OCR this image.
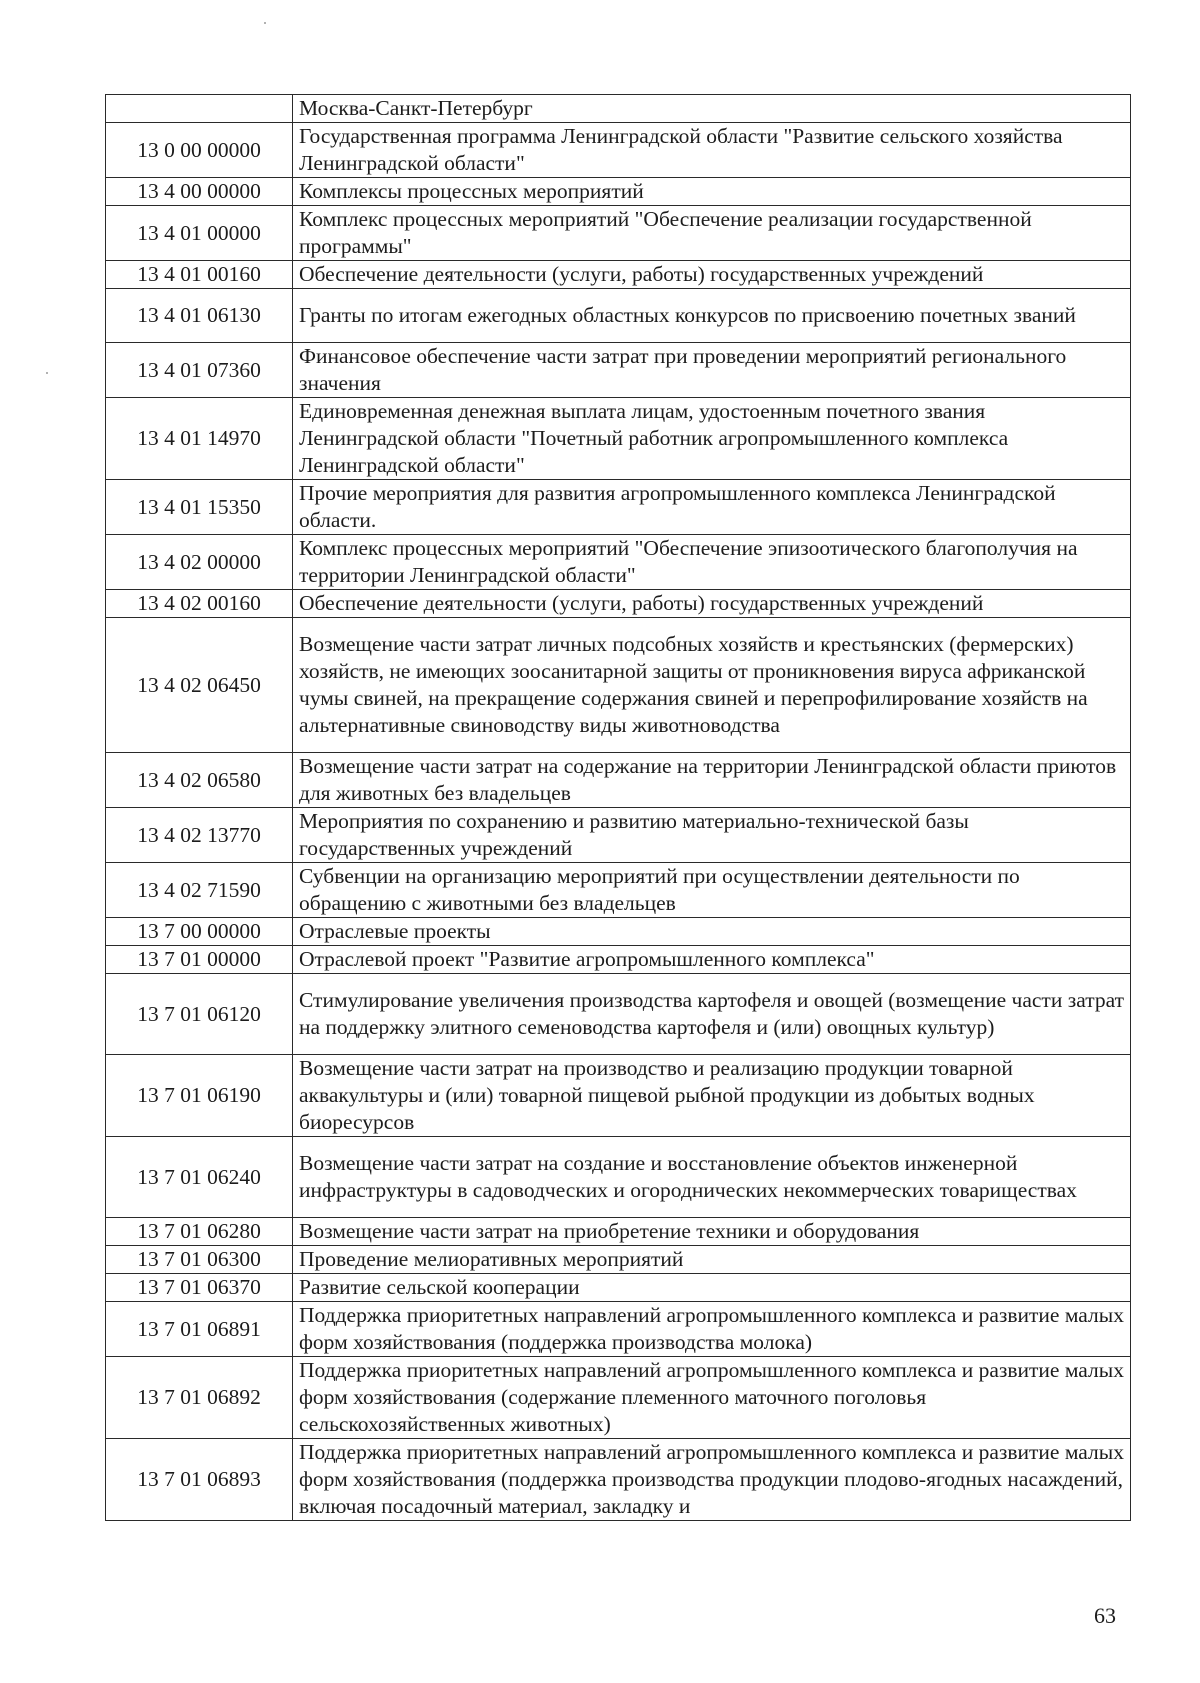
	Москва-Санкт-Петербург
13 0 00 00000	Государственная программа Ленинградской области "Развитие сельского хозяйства Ленинградской области"
13 4 00 00000	Комплексы процессных мероприятий
13 4 01 00000	Комплекс процессных мероприятий "Обеспечение реализации государственной программы"
13 4 01 00160	Обеспечение деятельности (услуги, работы) государственных учреждений
13 4 01 06130	Гранты по итогам ежегодных областных конкурсов по присвоению почетных званий
13 4 01 07360	Финансовое обеспечение части затрат при проведении мероприятий регионального значения
13 4 01 14970	Единовременная денежная выплата лицам, удостоенным почетного звания Ленинградской области "Почетный работник агропромышленного комплекса Ленинградской области"
13 4 01 15350	Прочие мероприятия для развития агропромышленного комплекса Ленинградской области.
13 4 02 00000	Комплекс процессных мероприятий "Обеспечение эпизоотического благополучия на территории Ленинградской области"
13 4 02 00160	Обеспечение деятельности (услуги, работы) государственных учреждений
13 4 02 06450	Возмещение части затрат личных подсобных хозяйств и крестьянских (фермерских) хозяйств, не имеющих зоосанитарной защиты от проникновения вируса африканской чумы свиней, на прекращение содержания свиней и перепрофилирование хозяйств на альтернативные свиноводству виды животноводства
13 4 02 06580	Возмещение части затрат на содержание на территории Ленинградской области приютов для животных без владельцев
13 4 02 13770	Мероприятия по сохранению и развитию материально-технической базы государственных учреждений
13 4 02 71590	Субвенции на организацию мероприятий при осуществлении деятельности по обращению с животными без владельцев
13 7 00 00000	Отраслевые проекты
13 7 01 00000	Отраслевой проект "Развитие агропромышленного комплекса"
13 7 01 06120	Стимулирование увеличения производства картофеля и овощей (возмещение части затрат на поддержку элитного семеноводства картофеля и (или) овощных культур)
13 7 01 06190	Возмещение части затрат на производство и реализацию продукции товарной аквакультуры и (или) товарной пищевой рыбной продукции из добытых водных биоресурсов
13 7 01 06240	Возмещение части затрат на создание и восстановление объектов инженерной инфраструктуры в садоводческих и огороднических некоммерческих товариществах
13 7 01 06280	Возмещение части затрат на приобретение техники и оборудования
13 7 01 06300	Проведение мелиоративных мероприятий
13 7 01 06370	Развитие сельской кооперации
13 7 01 06891	Поддержка приоритетных направлений агропромышленного комплекса и развитие малых форм хозяйствования (поддержка производства молока)
13 7 01 06892	Поддержка приоритетных направлений агропромышленного комплекса и развитие малых форм хозяйствования (содержание племенного маточного поголовья сельскохозяйственных животных)
13 7 01 06893	Поддержка приоритетных направлений агропромышленного комплекса и развитие малых форм хозяйствования (поддержка производства продукции плодово-ягодных насаждений, включая посадочный материал, закладку и
63
